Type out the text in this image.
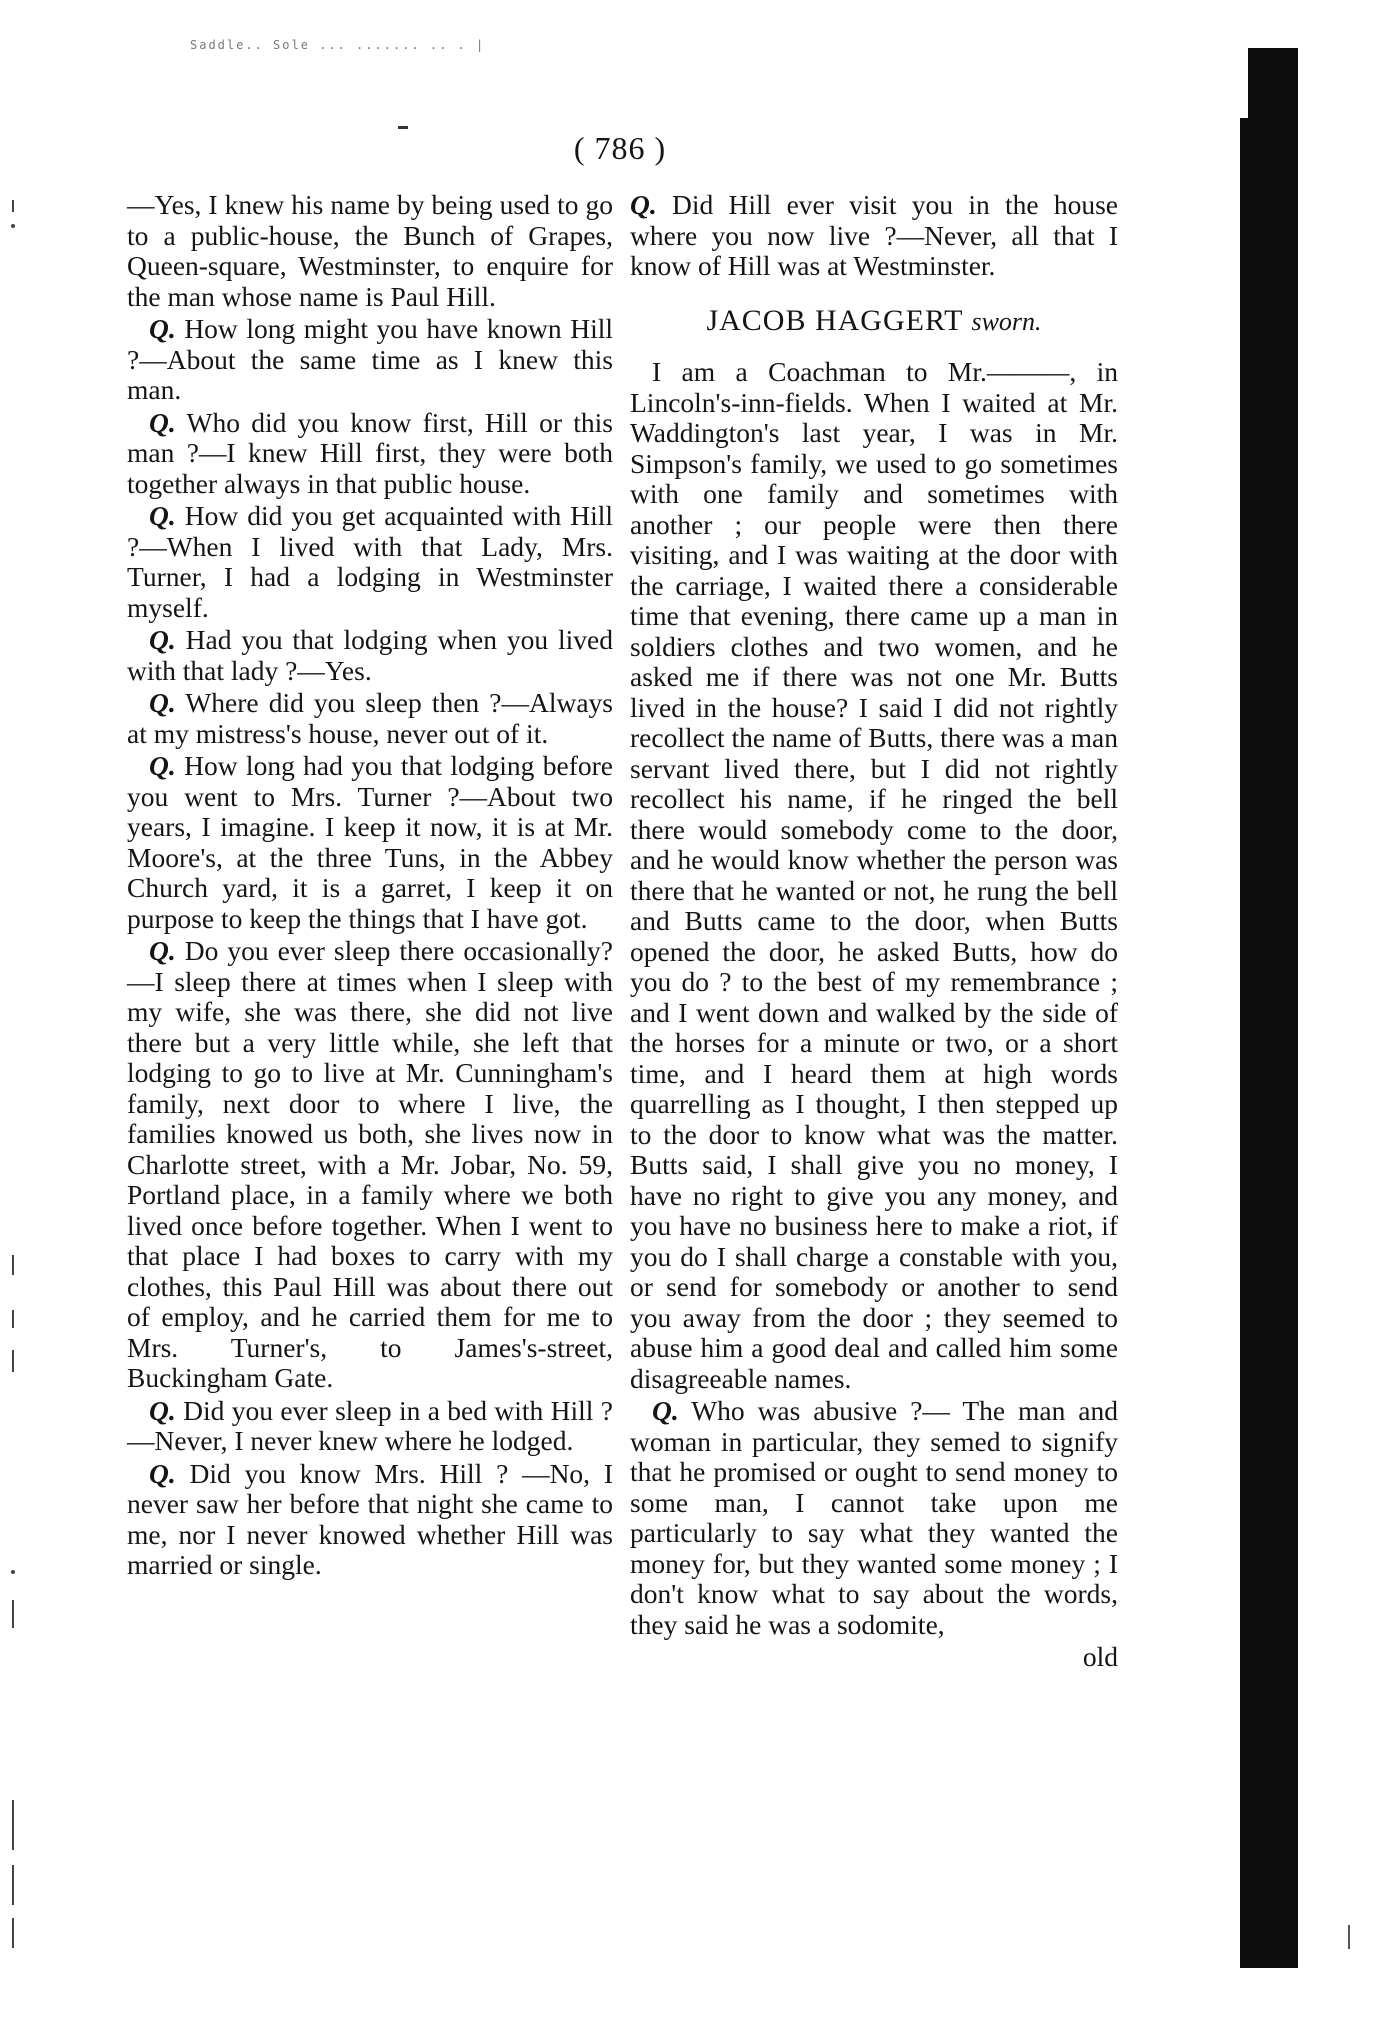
Saddle.. Sole ... ....... .. . |
( 786 )

—Yes, I knew his name by being used to go to a public-house, the Bunch of Grapes, Queen-square, Westminster, to enquire for the man whose name is Paul Hill.

Q. How long might you have known Hill ?—About the same time as I knew this man.

Q. Who did you know first, Hill or this man ?—I knew Hill first, they were both together always in that public house.

Q. How did you get acquainted with Hill ?—When I lived with that Lady, Mrs. Turner, I had a lodging in Westminster myself.

Q. Had you that lodging when you lived with that lady ?—Yes.

Q. Where did you sleep then ?—Always at my mistress's house, never out of it.

Q. How long had you that lodging before you went to Mrs. Turner ?—About two years, I imagine. I keep it now, it is at Mr. Moore's, at the three Tuns, in the Abbey Church yard, it is a garret, I keep it on purpose to keep the things that I have got.

Q. Do you ever sleep there occasionally?—I sleep there at times when I sleep with my wife, she was there, she did not live there but a very little while, she left that lodging to go to live at Mr. Cunningham's family, next door to where I live, the families knowed us both, she lives now in Charlotte street, with a Mr. Jobar, No. 59, Portland place, in a family where we both lived once before together. When I went to that place I had boxes to carry with my clothes, this Paul Hill was about there out of employ, and he carried them for me to Mrs. Turner's, to James's-street, Buckingham Gate.

Q. Did you ever sleep in a bed with Hill ?—Never, I never knew where he lodged.

Q. Did you know Mrs. Hill ? —No, I never saw her before that night she came to me, nor I never knowed whether Hill was married or single.

Q. Did Hill ever visit you in the house where you now live ?—Never, all that I know of Hill was at Westminster.

JACOB HAGGERT sworn.

I am a Coachman to Mr.———, in Lincoln's-inn-fields. When I waited at Mr. Waddington's last year, I was in Mr. Simpson's family, we used to go sometimes with one family and sometimes with another ; our people were then there visiting, and I was waiting at the door with the carriage, I waited there a considerable time that evening, there came up a man in soldiers clothes and two women, and he asked me if there was not one Mr. Butts lived in the house? I said I did not rightly recollect the name of Butts, there was a man servant lived there, but I did not rightly recollect his name, if he ringed the bell there would somebody come to the door, and he would know whether the person was there that he wanted or not, he rung the bell and Butts came to the door, when Butts opened the door, he asked Butts, how do you do ? to the best of my remembrance ; and I went down and walked by the side of the horses for a minute or two, or a short time, and I heard them at high words quarrelling as I thought, I then stepped up to the door to know what was the matter. Butts said, I shall give you no money, I have no right to give you any money, and you have no business here to make a riot, if you do I shall charge a constable with you, or send for somebody or another to send you away from the door ; they seemed to abuse him a good deal and called him some disagreeable names.

Q. Who was abusive ?— The man and woman in particular, they semed to signify that he promised or ought to send money to some man, I cannot take upon me particularly to say what they wanted the money for, but they wanted some money ; I don't know what to say about the words, they said he was a sodomite,

old
